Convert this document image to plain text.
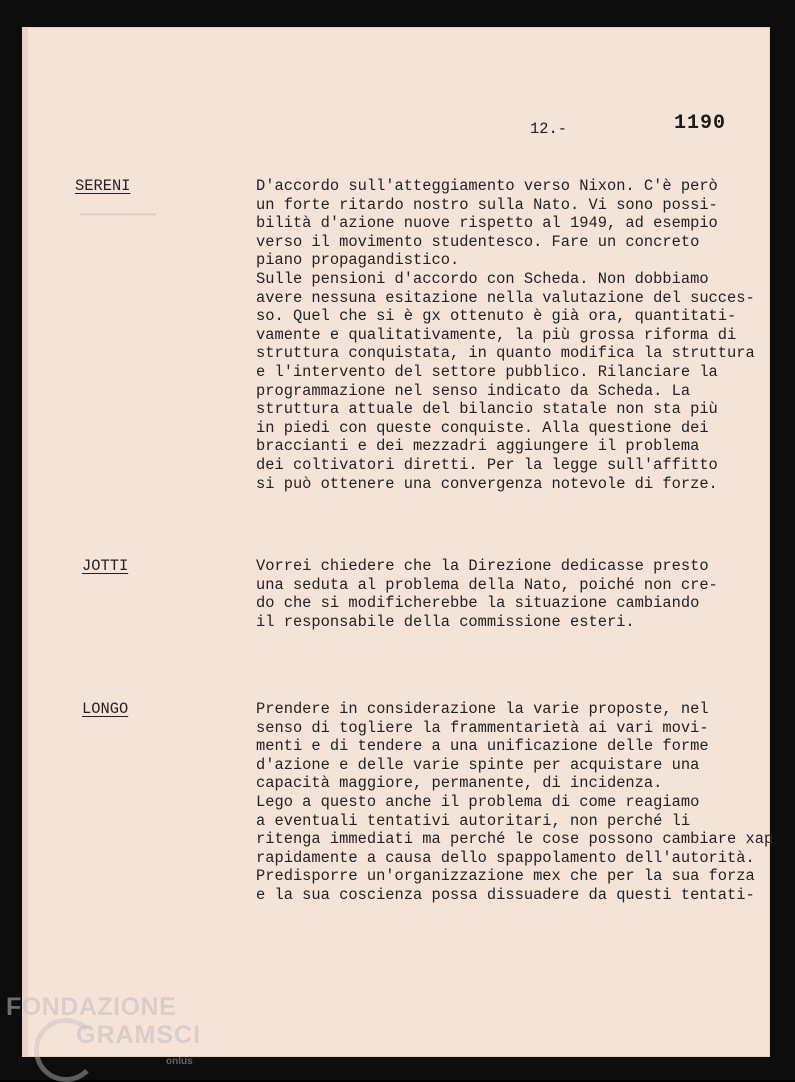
▁▁▁▁▁▁▁▁▁
12.-	1190
SERENI	D'accordo sull'atteggiamento verso Nixon. C'è però
un forte ritardo nostro sulla Nato. Vi sono possi-
bilità d'azione nuove rispetto al 1949, ad esempio
verso il movimento studentesco. Fare un concreto
piano propagandistico.
Sulle pensioni d'accordo con Scheda. Non dobbiamo
avere nessuna esitazione nella valutazione del succes-
so. Quel che si è gx ottenuto è già ora, quantitati-
vamente e qualitativamente, la più grossa riforma di
struttura conquistata, in quanto modifica la struttura
e l'intervento del settore pubblico. Rilanciare la
programmazione nel senso indicato da Scheda. La
struttura attuale del bilancio statale non sta più
in piedi con queste conquiste. Alla questione dei
braccianti e dei mezzadri aggiungere il problema
dei coltivatori diretti. Per la legge sull'affitto
si può ottenere una convergenza notevole di forze.

JOTTI	Vorrei chiedere che la Direzione dedicasse presto
una seduta al problema della Nato, poiché non cre-
do che si modificherebbe la situazione cambiando
il responsabile della commissione esteri.

LONGO	Prendere in considerazione la varie proposte, nel
senso di togliere la frammentarietà ai vari movi-
menti e di tendere a una unificazione delle forme
d'azione e delle varie spinte per acquistare una
capacità maggiore, permanente, di incidenza.
Lego a questo anche il problema di come reagiamo
a eventuali tentativi autoritari, non perché li
ritenga immediati ma perché le cose possono cambiare xap
rapidamente a causa dello spappolamento dell'autorità.
Predisporre un'organizzazione mex che per la sua forza
e la sua coscienza possa dissuadere da questi tentati-

FONDAZIONE
GRAMSCI
onlus
